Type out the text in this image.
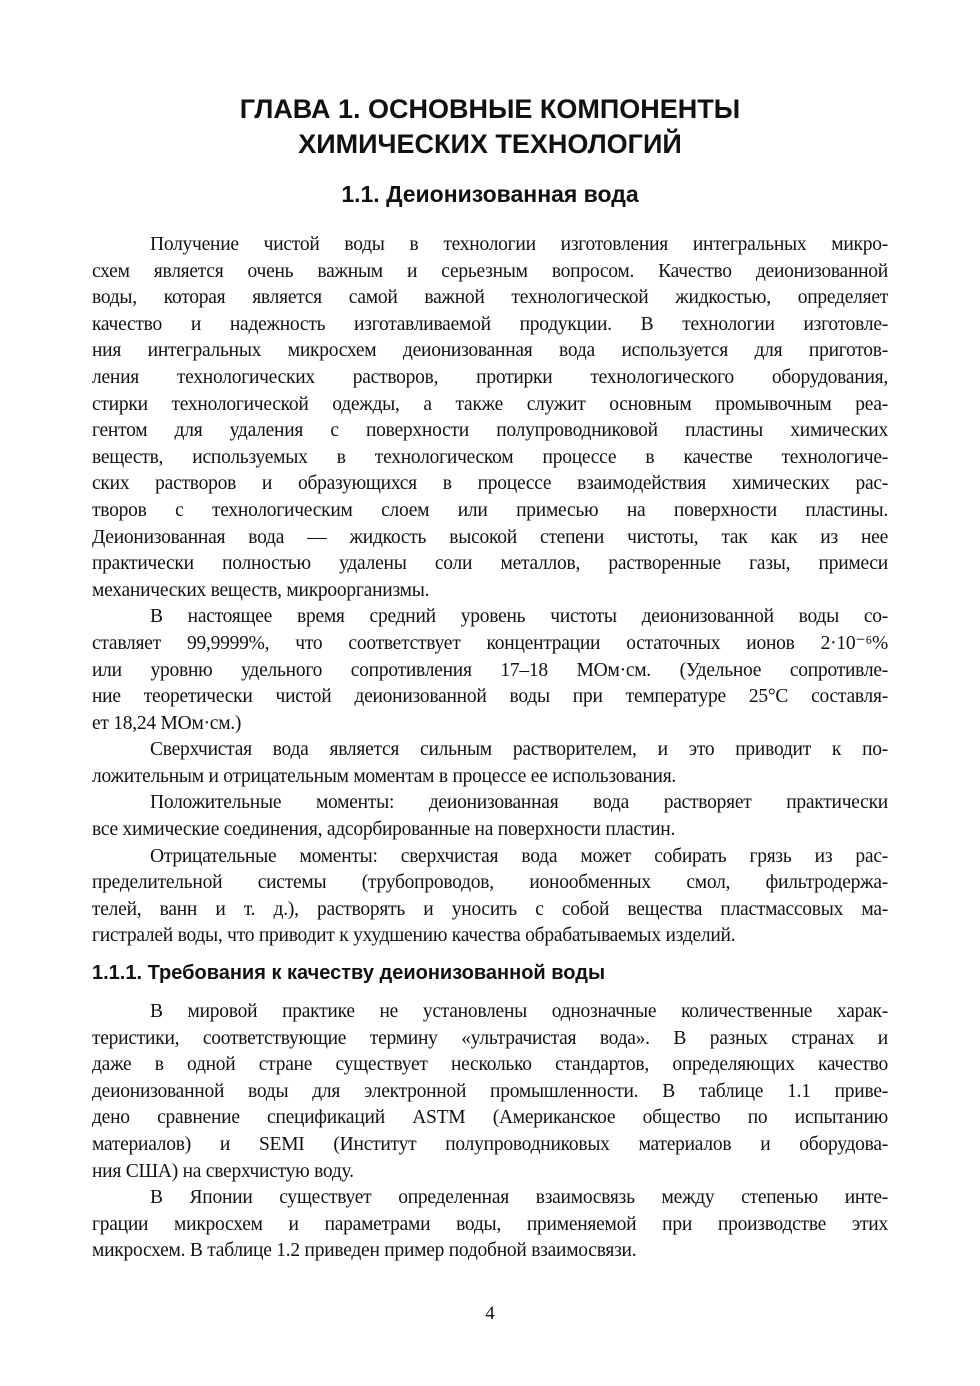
ГЛАВА 1. ОСНОВНЫЕ КОМПОНЕНТЫ
ХИМИЧЕСКИХ ТЕХНОЛОГИЙ
1.1. Деионизованная вода
Получение чистой воды в технологии изготовления интегральных микро-
схем является очень важным и серьезным вопросом. Качество деионизованной
воды, которая является самой важной технологической жидкостью, определяет
качество и надежность изготавливаемой продукции. В технологии изготовле-
ния интегральных микросхем деионизованная вода используется для приготов-
ления технологических растворов, протирки технологического оборудования,
стирки технологической одежды, а также служит основным промывочным реа-
гентом для удаления с поверхности полупроводниковой пластины химических
веществ, используемых в технологическом процессе в качестве технологиче-
ских растворов и образующихся в процессе взаимодействия химических рас-
творов с технологическим слоем или примесью на поверхности пластины.
Деионизованная вода — жидкость высокой степени чистоты, так как из нее
практически полностью удалены соли металлов, растворенные газы, примеси
механических веществ, микроорганизмы.
В настоящее время средний уровень чистоты деионизованной воды со-
ставляет 99,9999%, что соответствует концентрации остаточных ионов 2·10⁻⁶%
или уровню удельного сопротивления 17–18 МОм·см. (Удельное сопротивле-
ние теоретически чистой деионизованной воды при температуре 25°С составля-
ет 18,24 МОм·см.)
Сверхчистая вода является сильным растворителем, и это приводит к по-
ложительным и отрицательным моментам в процессе ее использования.
Положительные моменты: деионизованная вода растворяет практически
все химические соединения, адсорбированные на поверхности пластин.
Отрицательные моменты: сверхчистая вода может собирать грязь из рас-
пределительной системы (трубопроводов, ионообменных смол, фильтродержа-
телей, ванн и т. д.), растворять и уносить с собой вещества пластмассовых ма-
гистралей воды, что приводит к ухудшению качества обрабатываемых изделий.
1.1.1. Требования к качеству деионизованной воды
В мировой практике не установлены однозначные количественные харак-
теристики, соответствующие термину «ультрачистая вода». В разных странах и
даже в одной стране существует несколько стандартов, определяющих качество
деионизованной воды для электронной промышленности. В таблице 1.1 приве-
дено сравнение спецификаций ASTM (Американское общество по испытанию
материалов) и SEMI (Институт полупроводниковых материалов и оборудова-
ния США) на сверхчистую воду.
В Японии существует определенная взаимосвязь между степенью инте-
грации микросхем и параметрами воды, применяемой при производстве этих
микросхем. В таблице 1.2 приведен пример подобной взаимосвязи.
4
